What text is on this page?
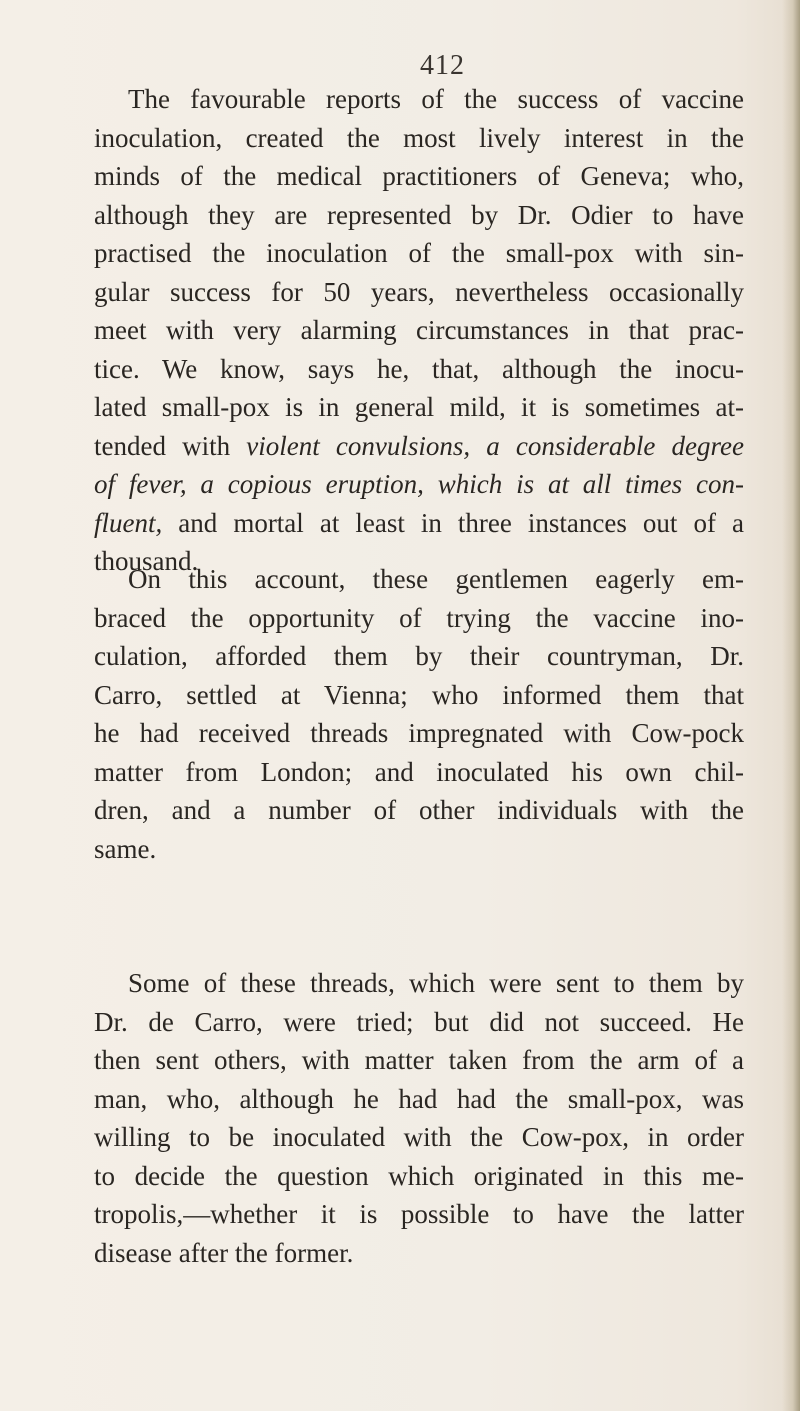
412
The favourable reports of the success of vaccine
inoculation, created the most lively interest in the
minds of the medical practitioners of Geneva; who,
although they are represented by Dr. Odier to have
practised the inoculation of the small-pox with sin-
gular success for 50 years, nevertheless occasionally
meet with very alarming circumstances in that prac-
tice. We know, says he, that, although the inocu-
lated small-pox is in general mild, it is sometimes at-
tended with violent convulsions, a considerable degree
of fever, a copious eruption, which is at all times con-
fluent, and mortal at least in three instances out of a
thousand.
On this account, these gentlemen eagerly em-
braced the opportunity of trying the vaccine ino-
culation, afforded them by their countryman, Dr.
Carro, settled at Vienna; who informed them that
he had received threads impregnated with Cow-pock
matter from London; and inoculated his own chil-
dren, and a number of other individuals with the
same.
Some of these threads, which were sent to them by
Dr. de Carro, were tried; but did not succeed. He
then sent others, with matter taken from the arm of a
man, who, although he had had the small-pox, was
willing to be inoculated with the Cow-pox, in order
to decide the question which originated in this me-
tropolis,—whether it is possible to have the latter
disease after the former.
